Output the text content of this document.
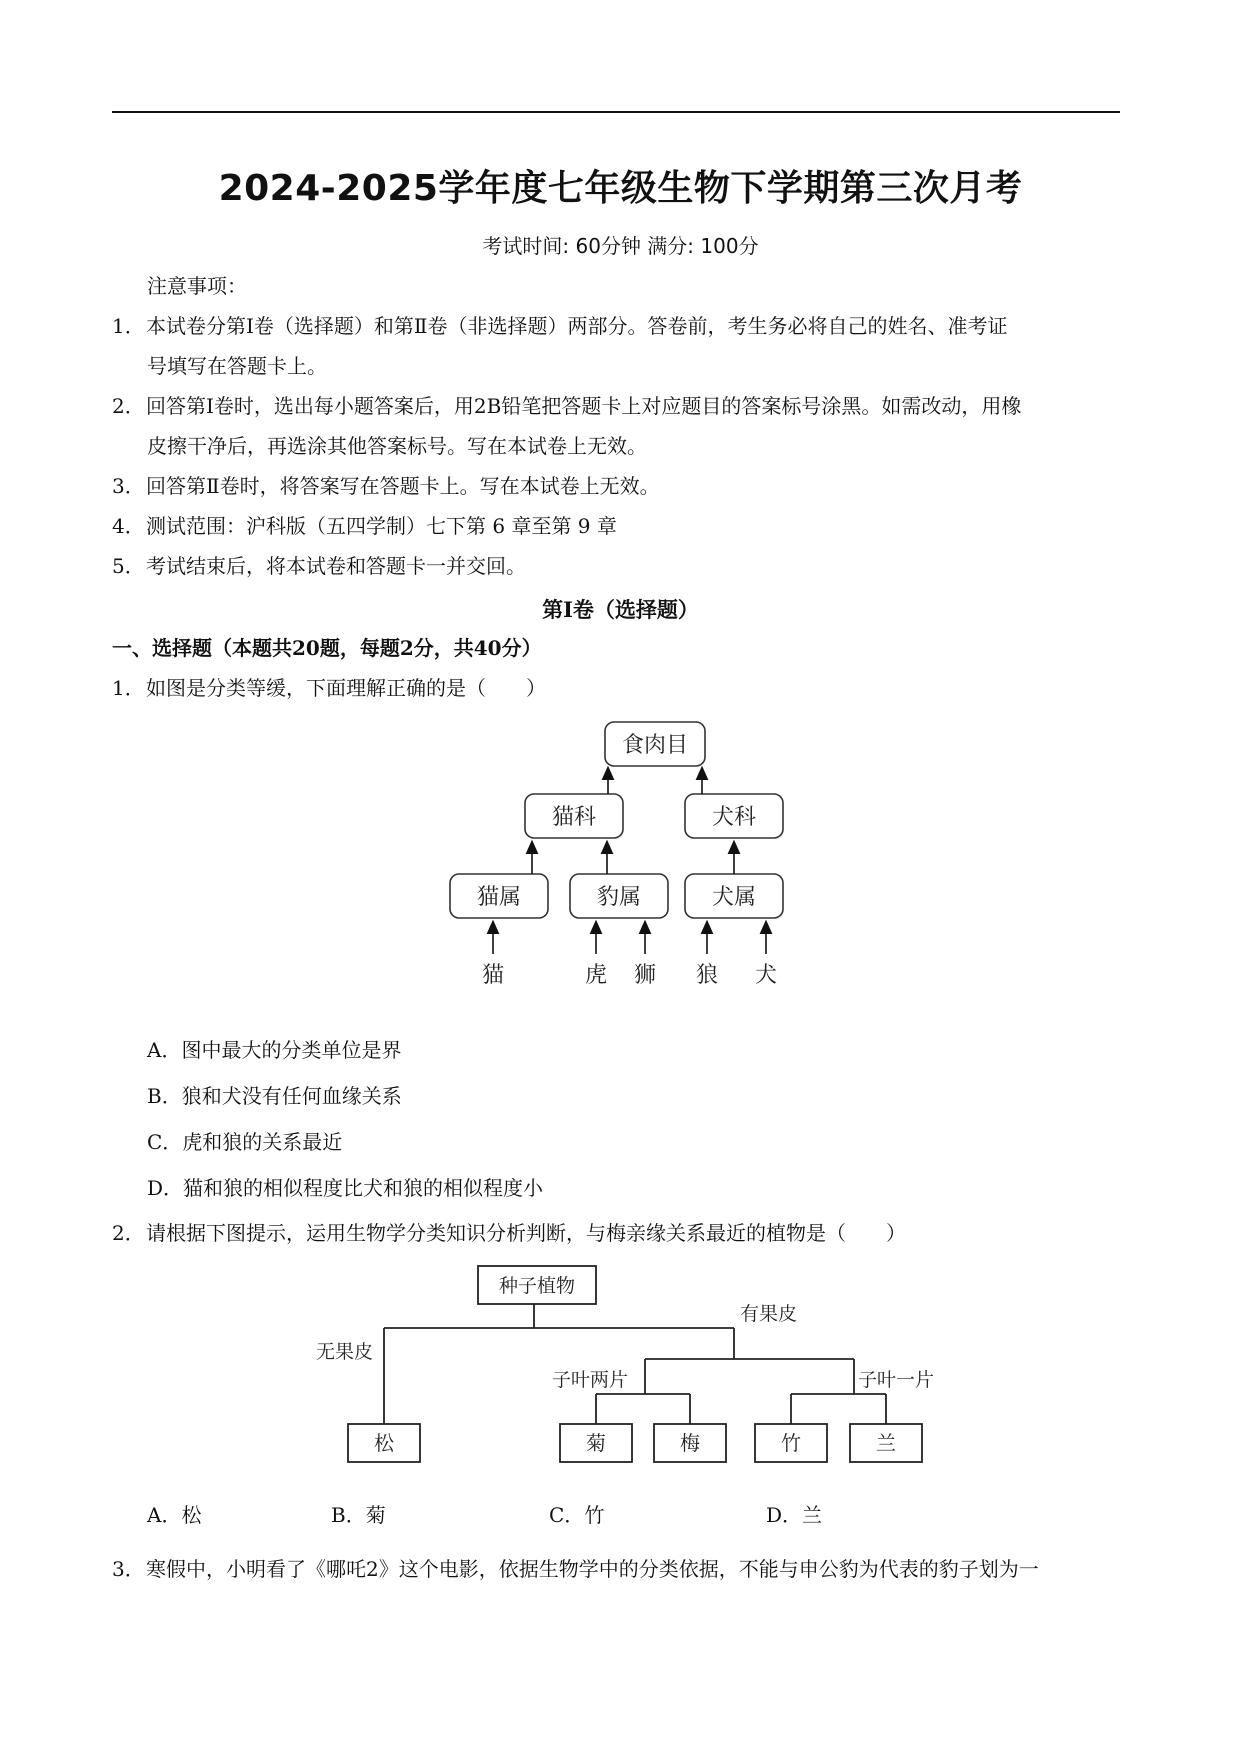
2024-2025学年度七年级生物下学期第三次月考
考试时间: 60分钟 满分: 100分
注意事项：
1．本试卷分第Ⅰ卷（选择题）和第Ⅱ卷（非选择题）两部分。答卷前，考生务必将自己的姓名、准考证
号填写在答题卡上。
2．回答第Ⅰ卷时，选出每小题答案后，用2B铅笔把答题卡上对应题目的答案标号涂黑。如需改动，用橡
皮擦干净后，再选涂其他答案标号。写在本试卷上无效。
3．回答第Ⅱ卷时，将答案写在答题卡上。写在本试卷上无效。
4．测试范围：沪科版（五四学制）七下第 6 章至第 9 章
5．考试结束后，将本试卷和答题卡一并交回。
第Ⅰ卷（选择题）
一、选择题（本题共20题，每题2分，共40分）
1．如图是分类等缓，下面理解正确的是（　　）
食肉目
猫科	犬科
猫属	豹属	犬属
猫	虎 狮 狼 犬
A．图中最大的分类单位是界
B．狼和犬没有任何血缘关系
C．虎和狼的关系最近
D．猫和狼的相似程度比犬和狼的相似程度小
2．请根据下图提示，运用生物学分类知识分析判断，与梅亲缘关系最近的植物是（　　）
种子植物
无果皮
有果皮
子叶两片	子叶一片
松	菊	梅	竹	兰
A．松	B．菊	C．竹	D．兰
3．寒假中，小明看了《哪吒2》这个电影，依据生物学中的分类依据，不能与申公豹为代表的豹子划为一
